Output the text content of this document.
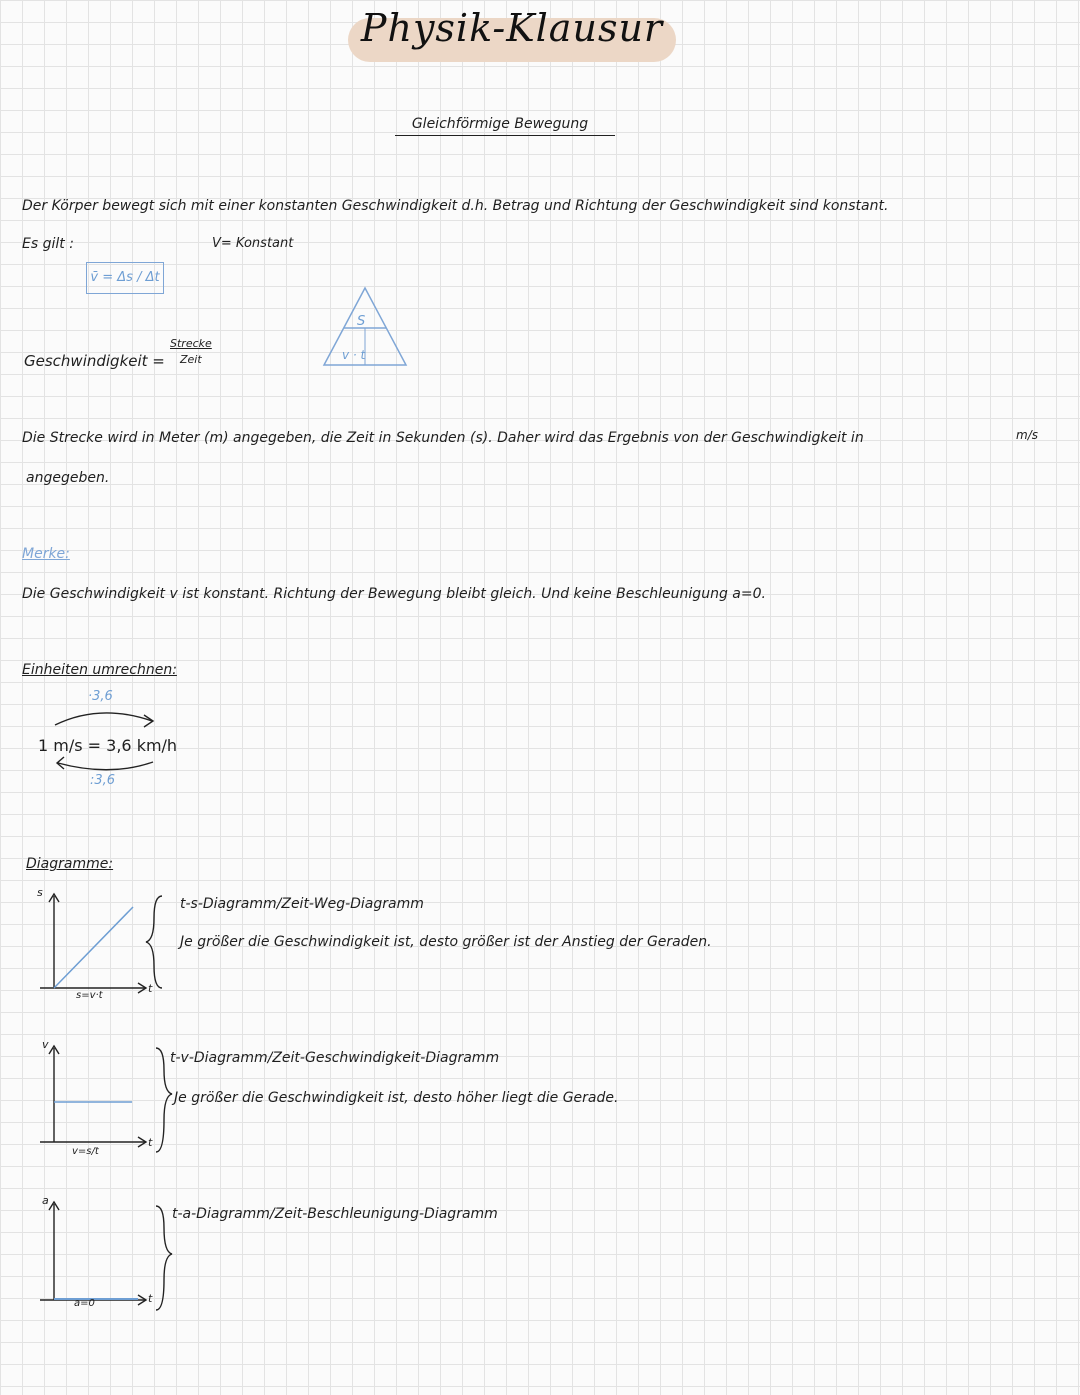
Physik-Klausur
Gleichförmige Bewegung
Der Körper bewegt sich mit einer konstanten Geschwindigkeit d.h. Betrag und Richtung der Geschwindigkeit sind konstant.
Es gilt :	V= Konstant
v̄ = Δs / Δt
Geschwindigkeit =
Strecke
Zeit
S
v · t
Die Strecke wird in Meter (m) angegeben, die Zeit in Sekunden (s). Daher wird das Ergebnis von der Geschwindigkeit in	m/s
angegeben.
Merke:
Die Geschwindigkeit v ist konstant. Richtung der Bewegung bleibt gleich. Und keine Beschleunigung a=0.
Einheiten umrechnen:
·3,6
1 m/s = 3,6 km/h
:3,6
Diagramme:
s
t
s=v·t
t-s-Diagramm/Zeit-Weg-Diagramm
Je größer die Geschwindigkeit ist, desto größer ist der Anstieg der Geraden.
v
t
v=s/t
t-v-Diagramm/Zeit-Geschwindigkeit-Diagramm
Je größer die Geschwindigkeit ist, desto höher liegt die Gerade.
a
t
a=0
t-a-Diagramm/Zeit-Beschleunigung-Diagramm
